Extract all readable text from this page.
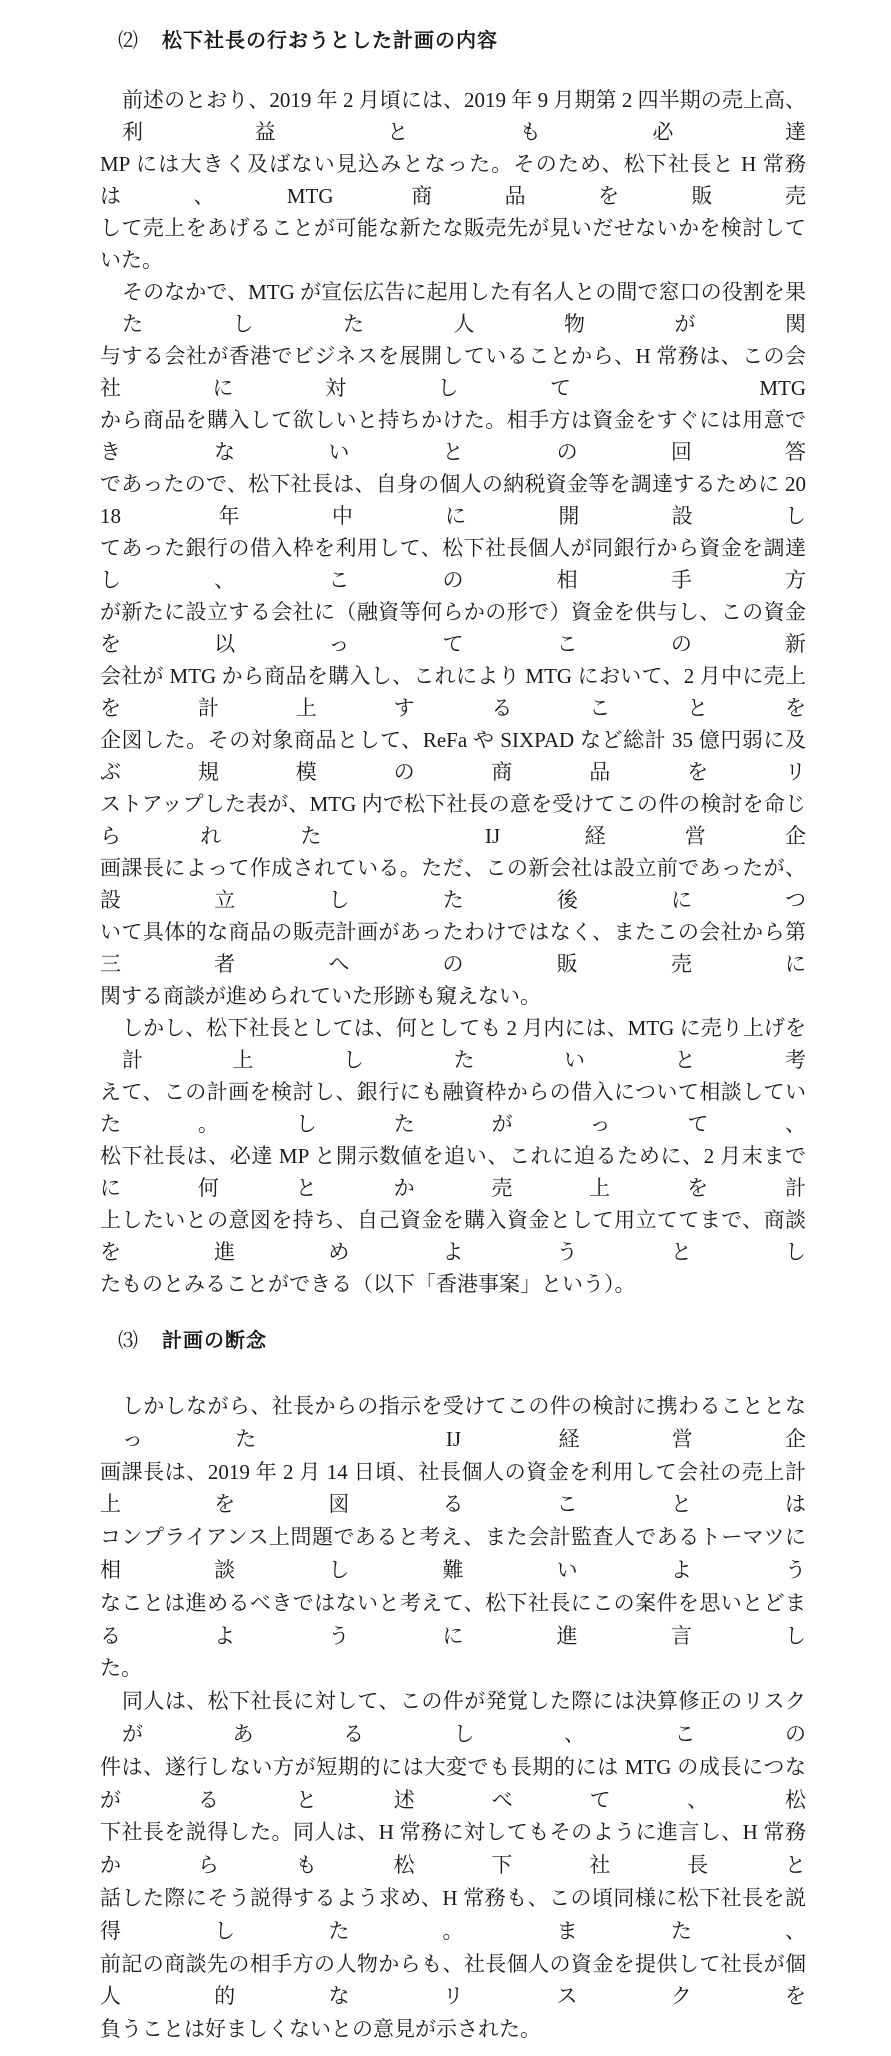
⑵ 松下社長の行おうとした計画の内容
前述のとおり、2019 年 2 月頃には、2019 年 9 月期第 2 四半期の売上高、利益とも必達
MP には大きく及ばない見込みとなった。そのため、松下社長と H 常務は、MTG 商品を販売
して売上をあげることが可能な新たな販売先が見いだせないかを検討していた。
そのなかで、MTG が宣伝広告に起用した有名人との間で窓口の役割を果たした人物が関
与する会社が香港でビジネスを展開していることから、H 常務は、この会社に対して MTG
から商品を購入して欲しいと持ちかけた。相手方は資金をすぐには用意できないとの回答
であったので、松下社長は、自身の個人の納税資金等を調達するために 2018 年中に開設し
てあった銀行の借入枠を利用して、松下社長個人が同銀行から資金を調達し、この相手方
が新たに設立する会社に（融資等何らかの形で）資金を供与し、この資金を以ってこの新
会社が MTG から商品を購入し、これにより MTG において、2 月中に売上を計上することを
企図した。その対象商品として、ReFa や SIXPAD など総計 35 億円弱に及ぶ規模の商品をリ
ストアップした表が、MTG 内で松下社長の意を受けてこの件の検討を命じられた IJ 経営企
画課長によって作成されている。ただ、この新会社は設立前であったが、設立した後につ
いて具体的な商品の販売計画があったわけではなく、またこの会社から第三者への販売に
関する商談が進められていた形跡も窺えない。
しかし、松下社長としては、何としても 2 月内には、MTG に売り上げを計上したいと考
えて、この計画を検討し、銀行にも融資枠からの借入について相談していた。したがって、
松下社長は、必達 MP と開示数値を追い、これに迫るために、2 月末までに何とか売上を計
上したいとの意図を持ち、自己資金を購入資金として用立ててまで、商談を進めようとし
たものとみることができる（以下「香港事案」という）。
⑶ 計画の断念
しかしながら、社長からの指示を受けてこの件の検討に携わることとなった IJ 経営企
画課長は、2019 年 2 月 14 日頃、社長個人の資金を利用して会社の売上計上を図ることは
コンプライアンス上問題であると考え、また会計監査人であるトーマツに相談し難いよう
なことは進めるべきではないと考えて、松下社長にこの案件を思いとどまるように進言し
た。
同人は、松下社長に対して、この件が発覚した際には決算修正のリスクがあるし、この
件は、遂行しない方が短期的には大変でも長期的には MTG の成長につながると述べて、松
下社長を説得した。同人は、H 常務に対してもそのように進言し、H 常務からも松下社長と
話した際にそう説得するよう求め、H 常務も、この頃同様に松下社長を説得した。また、
前記の商談先の相手方の人物からも、社長個人の資金を提供して社長が個人的なリスクを
負うことは好ましくないとの意見が示された。
